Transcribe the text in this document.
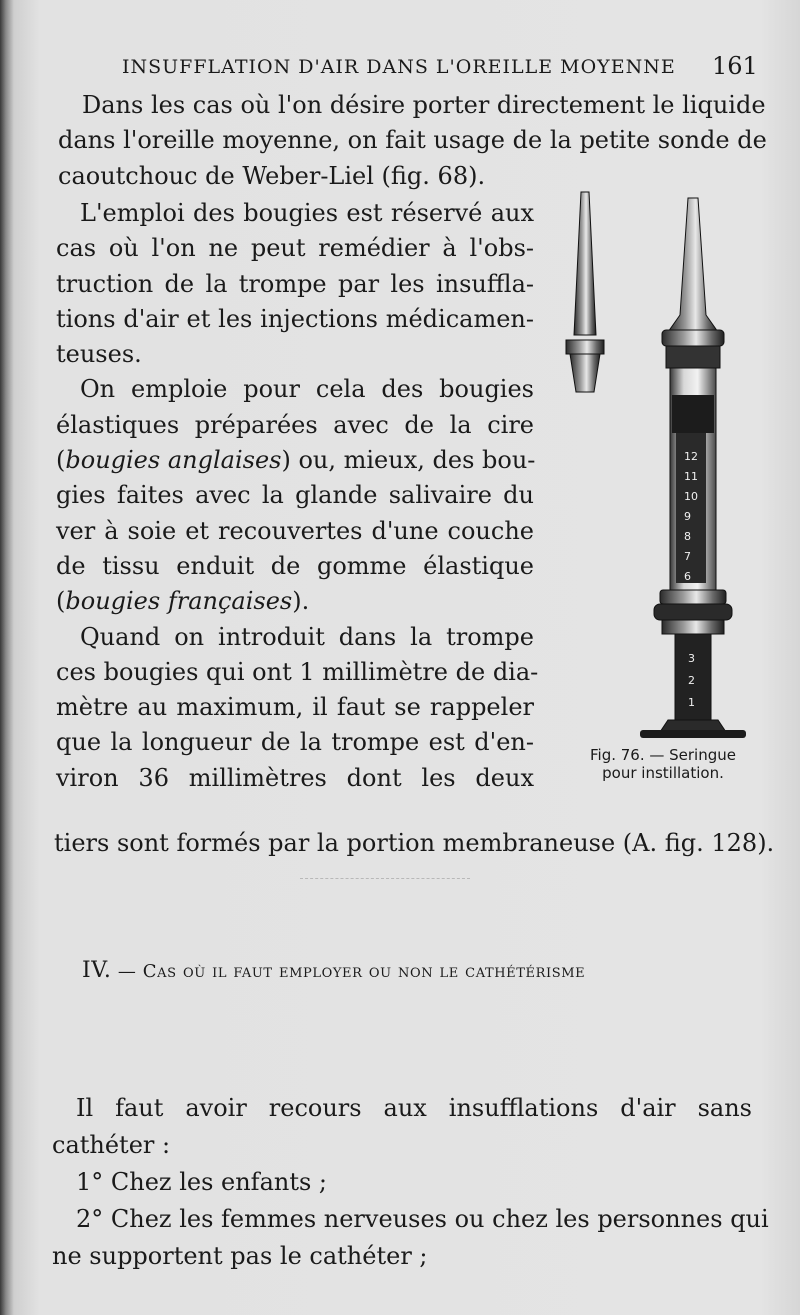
INSUFFLATION D'AIR DANS L'OREILLE MOYENNE 161
Dans les cas où l'on désire porter directement le liquide
dans l'oreille moyenne, on fait usage de la petite sonde de
caoutchouc de Weber-Liel (fig. 68).
L'emploi des bougies est réservé aux
cas où l'on ne peut remédier à l'obs-
truction de la trompe par les insuffla-
tions d'air et les injections médicamen-
teuses.
On emploie pour cela des bougies
élastiques préparées avec de la cire
(bougies anglaises) ou, mieux, des bou-
gies faites avec la glande salivaire du
ver à soie et recouvertes d'une couche
de tissu enduit de gomme élastique
(bougies françaises).
Quand on introduit dans la trompe
ces bougies qui ont 1 millimètre de dia-
mètre au maximum, il faut se rappeler
que la longueur de la trompe est d'en-
viron 36 millimètres dont les deux
12
11
10
9
8
7
6
3
2
1
Fig. 76. — Seringue
pour instillation.
tiers sont formés par la portion membraneuse (A. fig. 128).
IV. — Cas où il faut employer ou non le cathétérisme
Il faut avoir recours aux insufflations d'air sans
cathéter :
1° Chez les enfants ;
2° Chez les femmes nerveuses ou chez les personnes qui
ne supportent pas le cathéter ;
